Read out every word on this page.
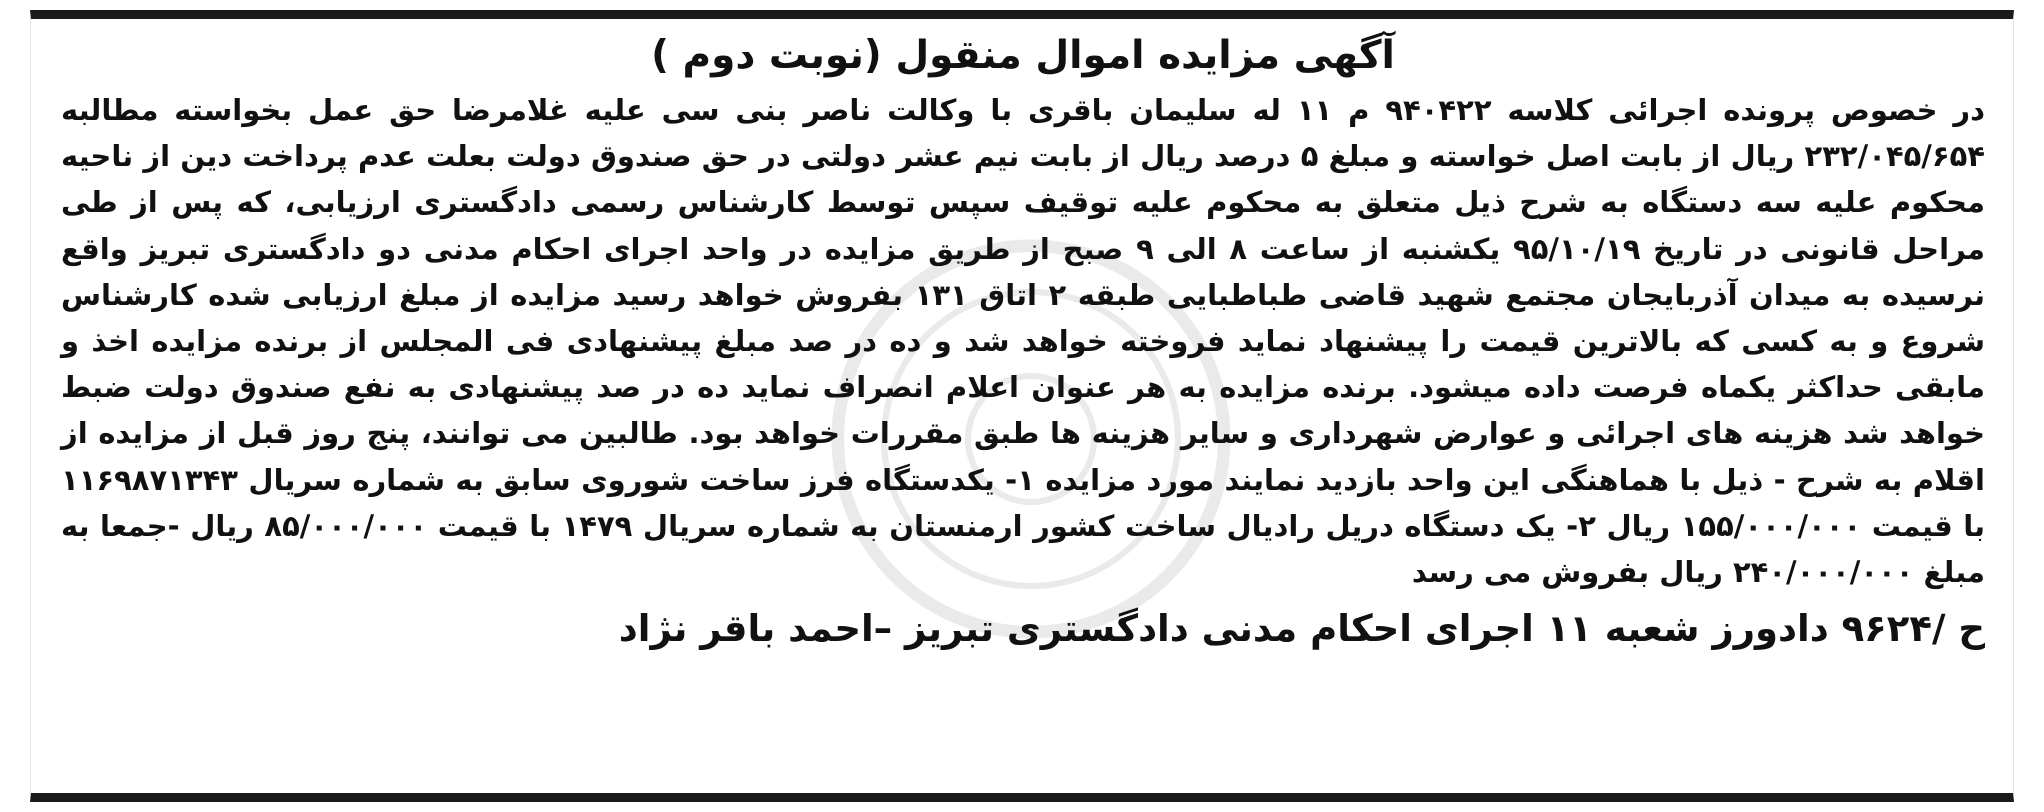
آگهی مزایده اموال منقول (نوبت دوم )

در خصوص پرونده اجرائی کلاسه ۹۴۰۴۲۲ م ۱۱ له سلیمان باقری با وکالت ناصر بنی سی علیه غلامرضا حق عمل بخواسته مطالبه ۲۳۲/۰۴۵/۶۵۴ ریال از بابت اصل خواسته و مبلغ ۵ درصد ریال از بابت نیم عشر دولتی در حق صندوق دولت بعلت عدم پرداخت دین از ناحیه محکوم علیه سه دستگاه به شرح ذیل متعلق به محکوم علیه توقیف سپس توسط کارشناس رسمی دادگستری ارزیابی، که پس از طی مراحل قانونی در تاریخ ۹۵/۱۰/۱۹ یکشنبه از ساعت ۸ الی ۹ صبح از طریق مزایده در واحد اجرای احکام مدنی دو دادگستری تبریز واقع نرسیده به میدان آذربایجان مجتمع شهید قاضی طباطبایی طبقه ۲ اتاق ۱۳۱ بفروش خواهد رسید مزایده از مبلغ ارزیابی شده کارشناس شروع و به کسی که بالاترین قیمت را پیشنهاد نماید فروخته خواهد شد و ده در صد مبلغ پیشنهادی فی المجلس از برنده مزایده اخذ و مابقی حداکثر یکماه فرصت داده میشود. برنده مزایده به هر عنوان اعلام انصراف نماید ده در صد پیشنهادی به نفع صندوق دولت ضبط خواهد شد هزینه های اجرائی و عوارض شهرداری و سایر هزینه ها طبق مقررات خواهد بود. طالبین می توانند، پنج روز قبل از مزایده از اقلام به شرح - ذیل با هماهنگی این واحد بازدید نمایند مورد مزایده ۱- یکدستگاه فرز ساخت شوروی سابق به شماره سریال ۱۱۶۹۸۷۱۳۴۳ با قیمت ۱۵۵/۰۰۰/۰۰۰ ریال ۲- یک دستگاه دریل رادیال ساخت کشور ارمنستان به شماره سریال ۱۴۷۹ با قیمت ۸۵/۰۰۰/۰۰۰ ریال -جمعا به مبلغ ۲۴۰/۰۰۰/۰۰۰ ریال بفروش می رسد

ح /۹۶۲۴ دادورز شعبه ۱۱ اجرای احکام مدنی دادگستری تبریز –احمد باقر نژاد
